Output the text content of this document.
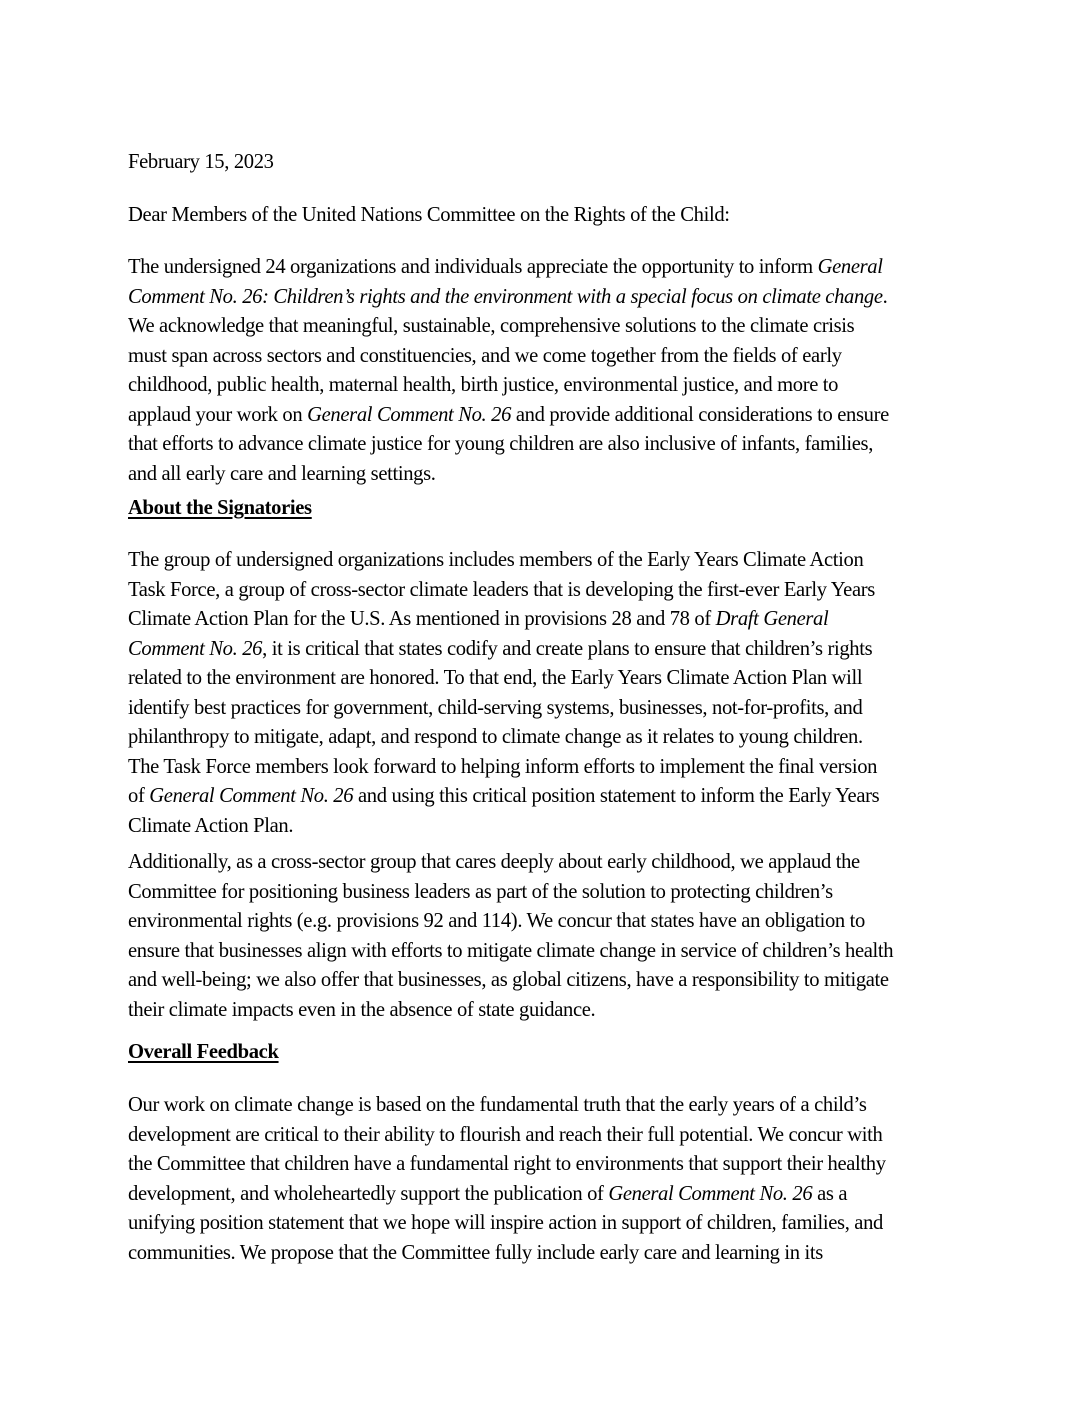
February 15, 2023
Dear Members of the United Nations Committee on the Rights of the Child:
The undersigned 24 organizations and individuals appreciate the opportunity to inform General
Comment No. 26: Children’s rights and the environment with a special focus on climate change.
We acknowledge that meaningful, sustainable, comprehensive solutions to the climate crisis
must span across sectors and constituencies, and we come together from the fields of early
childhood, public health, maternal health, birth justice, environmental justice, and more to
applaud your work on General Comment No. 26 and provide additional considerations to ensure
that efforts to advance climate justice for young children are also inclusive of infants, families,
and all early care and learning settings.
About the Signatories
The group of undersigned organizations includes members of the Early Years Climate Action
Task Force, a group of cross-sector climate leaders that is developing the first-ever Early Years
Climate Action Plan for the U.S. As mentioned in provisions 28 and 78 of Draft General
Comment No. 26, it is critical that states codify and create plans to ensure that children’s rights
related to the environment are honored. To that end, the Early Years Climate Action Plan will
identify best practices for government, child-serving systems, businesses, not-for-profits, and
philanthropy to mitigate, adapt, and respond to climate change as it relates to young children.
The Task Force members look forward to helping inform efforts to implement the final version
of General Comment No. 26 and using this critical position statement to inform the Early Years
Climate Action Plan.
Additionally, as a cross-sector group that cares deeply about early childhood, we applaud the
Committee for positioning business leaders as part of the solution to protecting children’s
environmental rights (e.g. provisions 92 and 114). We concur that states have an obligation to
ensure that businesses align with efforts to mitigate climate change in service of children’s health
and well-being; we also offer that businesses, as global citizens, have a responsibility to mitigate
their climate impacts even in the absence of state guidance.
Overall Feedback
Our work on climate change is based on the fundamental truth that the early years of a child’s
development are critical to their ability to flourish and reach their full potential. We concur with
the Committee that children have a fundamental right to environments that support their healthy
development, and wholeheartedly support the publication of General Comment No. 26 as a
unifying position statement that we hope will inspire action in support of children, families, and
communities. We propose that the Committee fully include early care and learning in its
